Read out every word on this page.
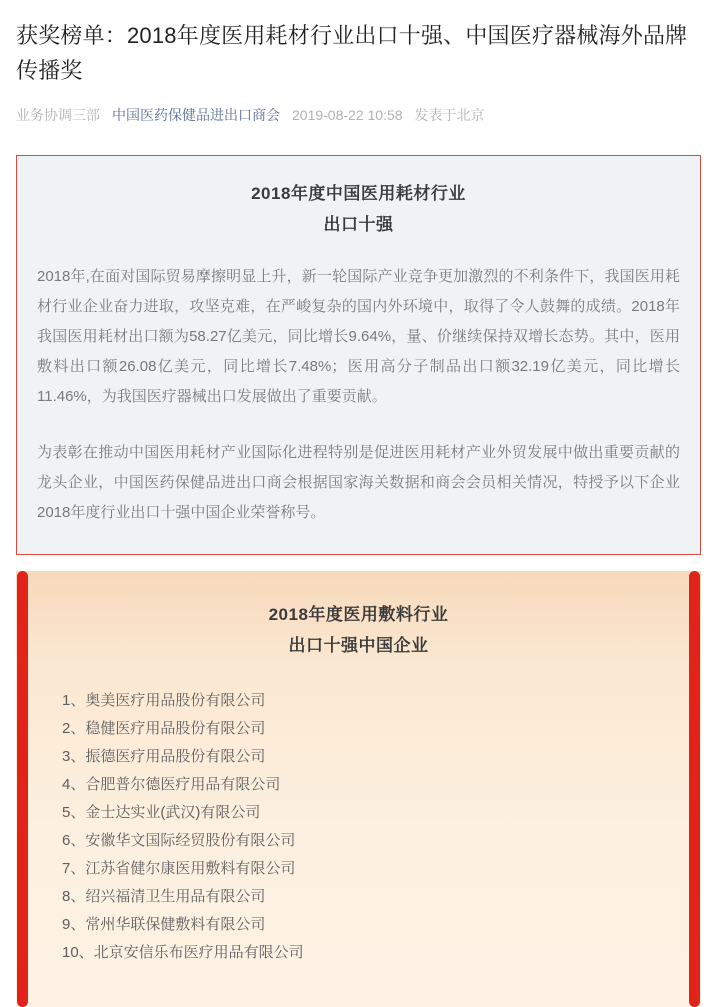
获奖榜单：2018年度医用耗材行业出口十强、中国医疗器械海外品牌传播奖
业务协调三部 中国医药保健品进出口商会 2019-08-22 10:58 发表于北京
2018年度中国医用耗材行业
出口十强

2018年,在面对国际贸易摩擦明显上升，新一轮国际产业竞争更加激烈的不利条件下，我国医用耗材行业企业奋力进取，攻坚克难，在严峻复杂的国内外环境中，取得了令人鼓舞的成绩。2018年我国医用耗材出口额为58.27亿美元，同比增长9.64%，量、价继续保持双增长态势。其中，医用敷料出口额26.08亿美元，同比增长7.48%；医用高分子制品出口额32.19亿美元，同比增长11.46%，为我国医疗器械出口发展做出了重要贡献。

为表彰在推动中国医用耗材产业国际化进程特别是促进医用耗材产业外贸发展中做出重要贡献的龙头企业，中国医药保健品进出口商会根据国家海关数据和商会会员相关情况，特授予以下企业2018年度行业出口十强中国企业荣誉称号。

2018年度医用敷料行业
出口十强中国企业
1、奥美医疗用品股份有限公司
2、稳健医疗用品股份有限公司
3、振德医疗用品股份有限公司
4、合肥普尔德医疗用品有限公司
5、金士达实业(武汉)有限公司
6、安徽华文国际经贸股份有限公司
7、江苏省健尔康医用敷料有限公司
8、绍兴福清卫生用品有限公司
9、常州华联保健敷料有限公司
10、北京安信乐布医疗用品有限公司
